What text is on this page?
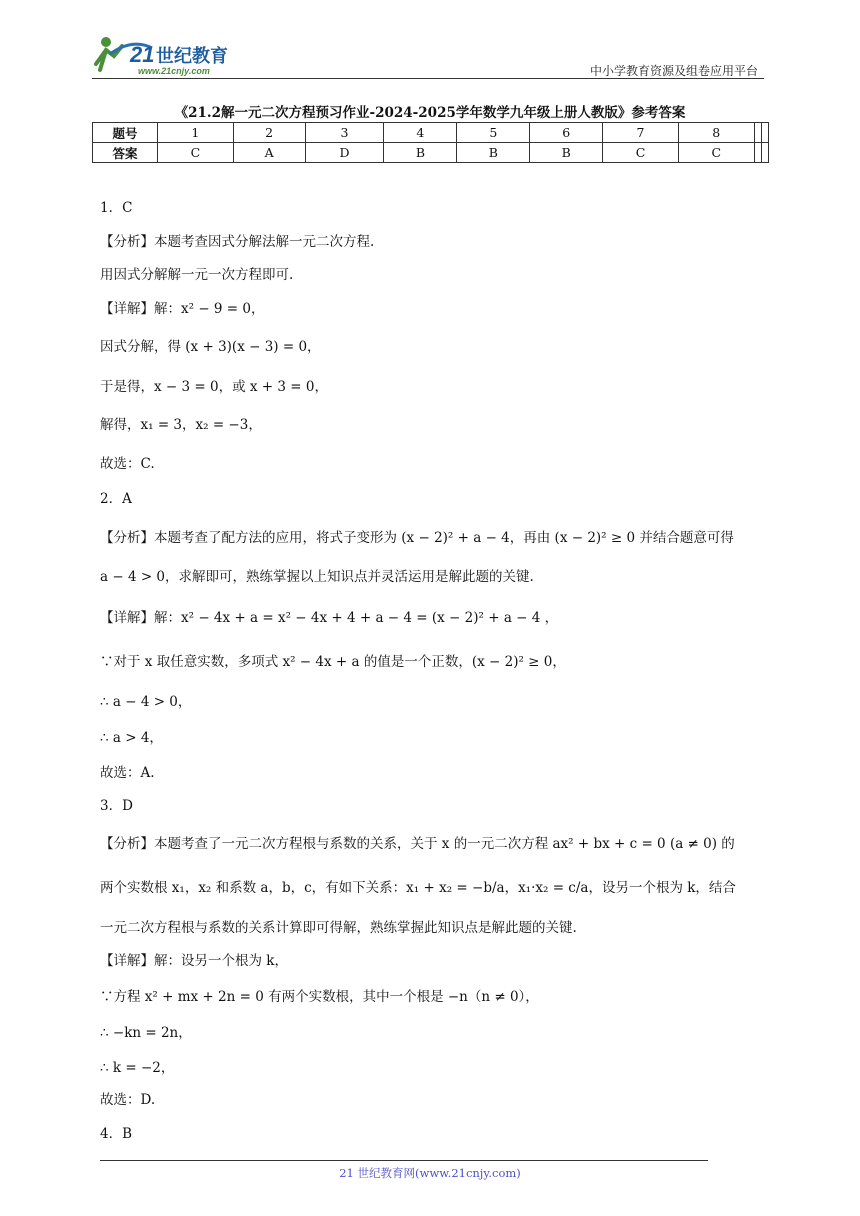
21 世纪教育
www.21cnjy.com	中小学教育资源及组卷应用平台
《21.2解一元二次方程预习作业-2024-2025学年数学九年级上册人教版》参考答案
题号	1	2	3	4	5	6	7	8		
答案	C	A	D	B	B	B	C	C		
1．C
【分析】本题考查因式分解法解一元二次方程.
用因式分解解一元一次方程即可.
【详解】解：x² − 9 = 0，
因式分解，得 (x + 3)(x − 3) = 0，
于是得，x − 3 = 0，或 x + 3 = 0，
解得，x₁ = 3，x₂ = −3，
故选：C.
2．A
【分析】本题考查了配方法的应用，将式子变形为 (x − 2)² + a − 4，再由 (x − 2)² ≥ 0 并结合题意可得
a − 4 > 0，求解即可，熟练掌握以上知识点并灵活运用是解此题的关键.
【详解】解：x² − 4x + a = x² − 4x + 4 + a − 4 = (x − 2)² + a − 4 ，
∵对于 x 取任意实数，多项式 x² − 4x + a 的值是一个正数，(x − 2)² ≥ 0，
∴ a − 4 > 0，
∴ a > 4，
故选：A.
3．D
【分析】本题考查了一元二次方程根与系数的关系，关于 x 的一元二次方程 ax² + bx + c = 0 (a ≠ 0) 的
两个实数根 x₁，x₂ 和系数 a，b，c，有如下关系：x₁ + x₂ = −b/a，x₁·x₂ = c/a，设另一个根为 k，结合
一元二次方程根与系数的关系计算即可得解，熟练掌握此知识点是解此题的关键.
【详解】解：设另一个根为 k，
∵方程 x² + mx + 2n = 0 有两个实数根，其中一个根是 −n（n ≠ 0），
∴ −kn = 2n，
∴ k = −2，
故选：D.
4．B
21 世纪教育网(www.21cnjy.com)
